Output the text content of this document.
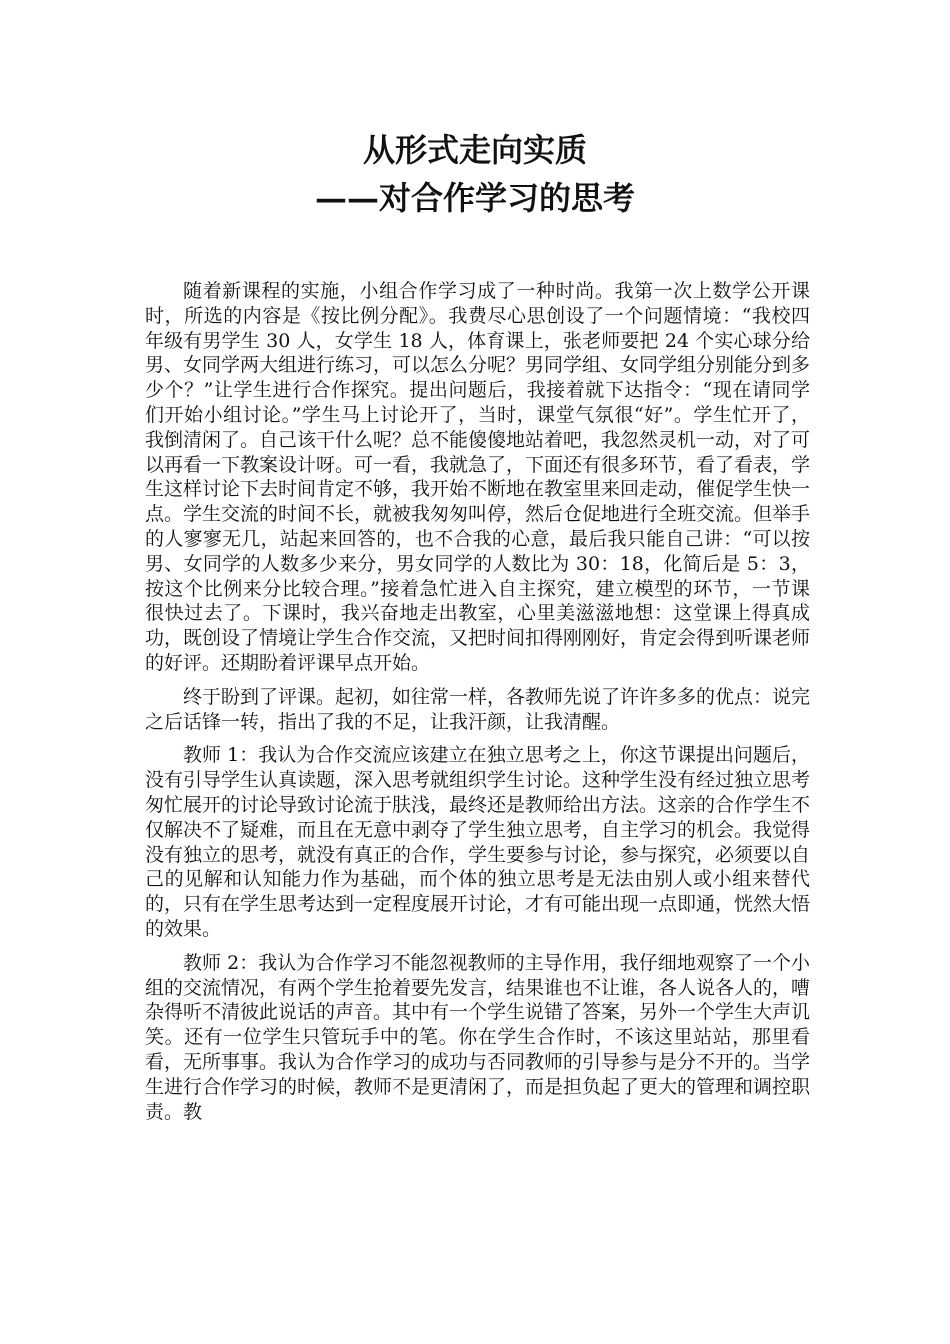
从形式走向实质
——对合作学习的思考

随着新课程的实施，小组合作学习成了一种时尚。我第一次上数学公开课时，所选的内容是《按比例分配》。我费尽心思创设了一个问题情境：“我校四年级有男学生 30 人，女学生 18 人，体育课上，张老师要把 24 个实心球分给男、女同学两大组进行练习，可以怎么分呢？男同学组、女同学组分别能分到多少个？”让学生进行合作探究。提出问题后，我接着就下达指令：“现在请同学们开始小组讨论。”学生马上讨论开了，当时，课堂气氛很“好”。学生忙开了，我倒清闲了。自己该干什么呢？总不能傻傻地站着吧，我忽然灵机一动，对了可以再看一下教案设计呀。可一看，我就急了，下面还有很多环节，看了看表，学生这样讨论下去时间肯定不够，我开始不断地在教室里来回走动，催促学生快一点。学生交流的时间不长，就被我匆匆叫停，然后仓促地进行全班交流。但举手的人寥寥无几，站起来回答的，也不合我的心意，最后我只能自己讲：“可以按男、女同学的人数多少来分，男女同学的人数比为 30：18，化简后是 5：3，按这个比例来分比较合理。”接着急忙进入自主探究，建立模型的环节，一节课很快过去了。下课时，我兴奋地走出教室，心里美滋滋地想：这堂课上得真成功，既创设了情境让学生合作交流，又把时间扣得刚刚好，肯定会得到听课老师的好评。还期盼着评课早点开始。

终于盼到了评课。起初，如往常一样，各教师先说了许许多多的优点：说完之后话锋一转，指出了我的不足，让我汗颜，让我清醒。

教师 1：我认为合作交流应该建立在独立思考之上，你这节课提出问题后，没有引导学生认真读题，深入思考就组织学生讨论。这种学生没有经过独立思考匆忙展开的讨论导致讨论流于肤浅，最终还是教师给出方法。这亲的合作学生不仅解决不了疑难，而且在无意中剥夺了学生独立思考，自主学习的机会。我觉得没有独立的思考，就没有真正的合作，学生要参与讨论，参与探究，必须要以自己的见解和认知能力作为基础，而个体的独立思考是无法由别人或小组来替代的，只有在学生思考达到一定程度展开讨论，才有可能出现一点即通，恍然大悟的效果。

教师 2：我认为合作学习不能忽视教师的主导作用，我仔细地观察了一个小组的交流情况，有两个学生抢着要先发言，结果谁也不让谁，各人说各人的，嘈杂得听不清彼此说话的声音。其中有一个学生说错了答案，另外一个学生大声讥笑。还有一位学生只管玩手中的笔。你在学生合作时，不该这里站站，那里看看，无所事事。我认为合作学习的成功与否同教师的引导参与是分不开的。当学生进行合作学习的时候，教师不是更清闲了，而是担负起了更大的管理和调控职责。教
